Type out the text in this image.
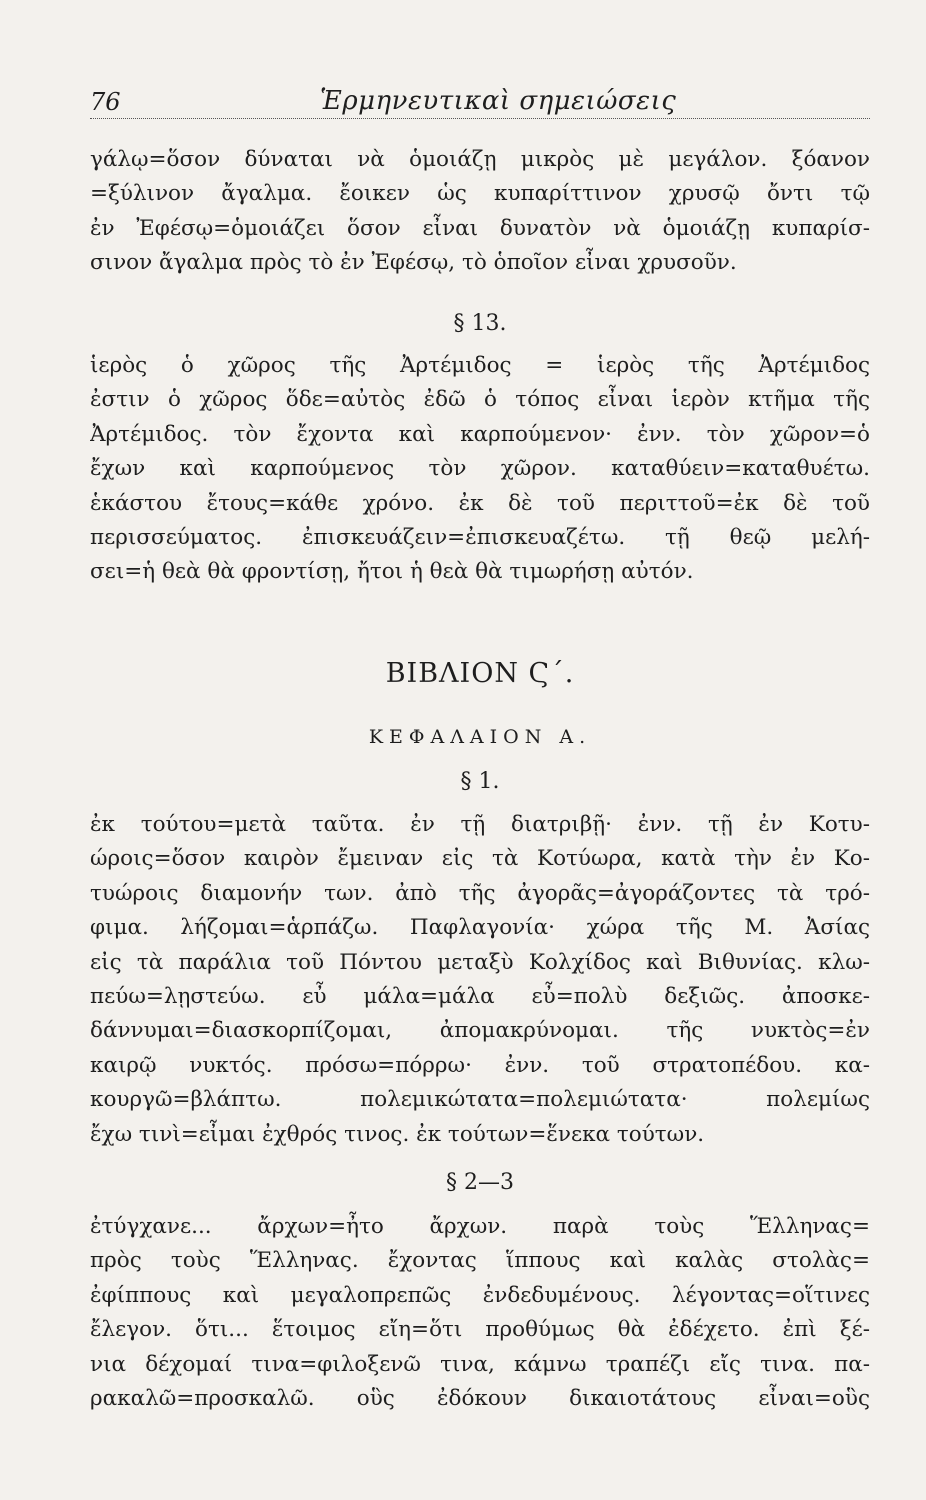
76	Ἑρμηνευτικαὶ σημειώσεις
γάλῳ=ὅσον δύναται νὰ ὁμοιάζῃ μικρὸς μὲ μεγάλον. ξόανον
=ξύλινον ἄγαλμα. ἔοικεν ὡς κυπαρίττινον χρυσῷ ὄντι τῷ
ἐν Ἐφέσῳ=ὁμοιάζει ὅσον εἶναι δυνατὸν νὰ ὁμοιάζῃ κυπαρίσ-
σινον ἄγαλμα πρὸς τὸ ἐν Ἐφέσῳ, τὸ ὁποῖον εἶναι χρυσοῦν.
§ 13.
ἱερὸς ὁ χῶρος τῆς Ἀρτέμιδος = ἱερὸς τῆς Ἀρτέμιδος
ἐστιν ὁ χῶρος ὅδε=αὐτὸς ἐδῶ ὁ τόπος εἶναι ἱερὸν κτῆμα τῆς
Ἀρτέμιδος. τὸν ἔχοντα καὶ καρπούμενον· ἐνν. τὸν χῶρον=ὁ
ἔχων καὶ καρπούμενος τὸν χῶρον. καταθύειν=καταθυέτω.
ἑκάστου ἔτους=κάθε χρόνο. ἐκ δὲ τοῦ περιττοῦ=ἐκ δὲ τοῦ
περισσεύματος. ἐπισκευάζειν=ἐπισκευαζέτω. τῇ θεῷ μελή-
σει=ἡ θεὰ θὰ φροντίσῃ, ἤτοι ἡ θεὰ θὰ τιμωρήσῃ αὐτόν.
ΒΙΒΛΙΟΝ Ϛ΄.
ΚΕΦΑΛΑΙΟΝ Α.
§ 1.
ἐκ τούτου=μετὰ ταῦτα. ἐν τῇ διατριβῇ· ἐνν. τῇ ἐν Κοτυ-
ώροις=ὅσον καιρὸν ἔμειναν εἰς τὰ Κοτύωρα, κατὰ τὴν ἐν Κο-
τυώροις διαμονήν των. ἀπὸ τῆς ἀγορᾶς=ἀγοράζοντες τὰ τρό-
φιμα. λήζομαι=ἁρπάζω. Παφλαγονία· χώρα τῆς Μ. Ἀσίας
εἰς τὰ παράλια τοῦ Πόντου μεταξὺ Κολχίδος καὶ Βιθυνίας. κλω-
πεύω=λῃστεύω. εὖ μάλα=μάλα εὖ=πολὺ δεξιῶς. ἀποσκε-
δάννυμαι=διασκορπίζομαι, ἀπομακρύνομαι. τῆς νυκτὸς=ἐν
καιρῷ νυκτός. πρόσω=πόρρω· ἐνν. τοῦ στρατοπέδου. κα-
κουργῶ=βλάπτω. πολεμικώτατα=πολεμιώτατα· πολεμίως
ἔχω τινὶ=εἶμαι ἐχθρός τινος. ἐκ τούτων=ἕνεκα τούτων.
§ 2—3
ἐτύγχανε... ἄρχων=ἦτο ἄρχων. παρὰ τοὺς Ἕλληνας=
πρὸς τοὺς Ἕλληνας. ἔχοντας ἵππους καὶ καλὰς στολὰς=
ἐφίππους καὶ μεγαλοπρεπῶς ἐνδεδυμένους. λέγοντας=οἵτινες
ἔλεγον. ὅτι... ἕτοιμος εἴη=ὅτι προθύμως θὰ ἐδέχετο. ἐπὶ ξέ-
νια δέχομαί τινα=φιλοξενῶ τινα, κάμνω τραπέζι εἴς τινα. πα-
ρακαλῶ=προσκαλῶ. οὓς ἐδόκουν δικαιοτάτους εἶναι=οὓς
